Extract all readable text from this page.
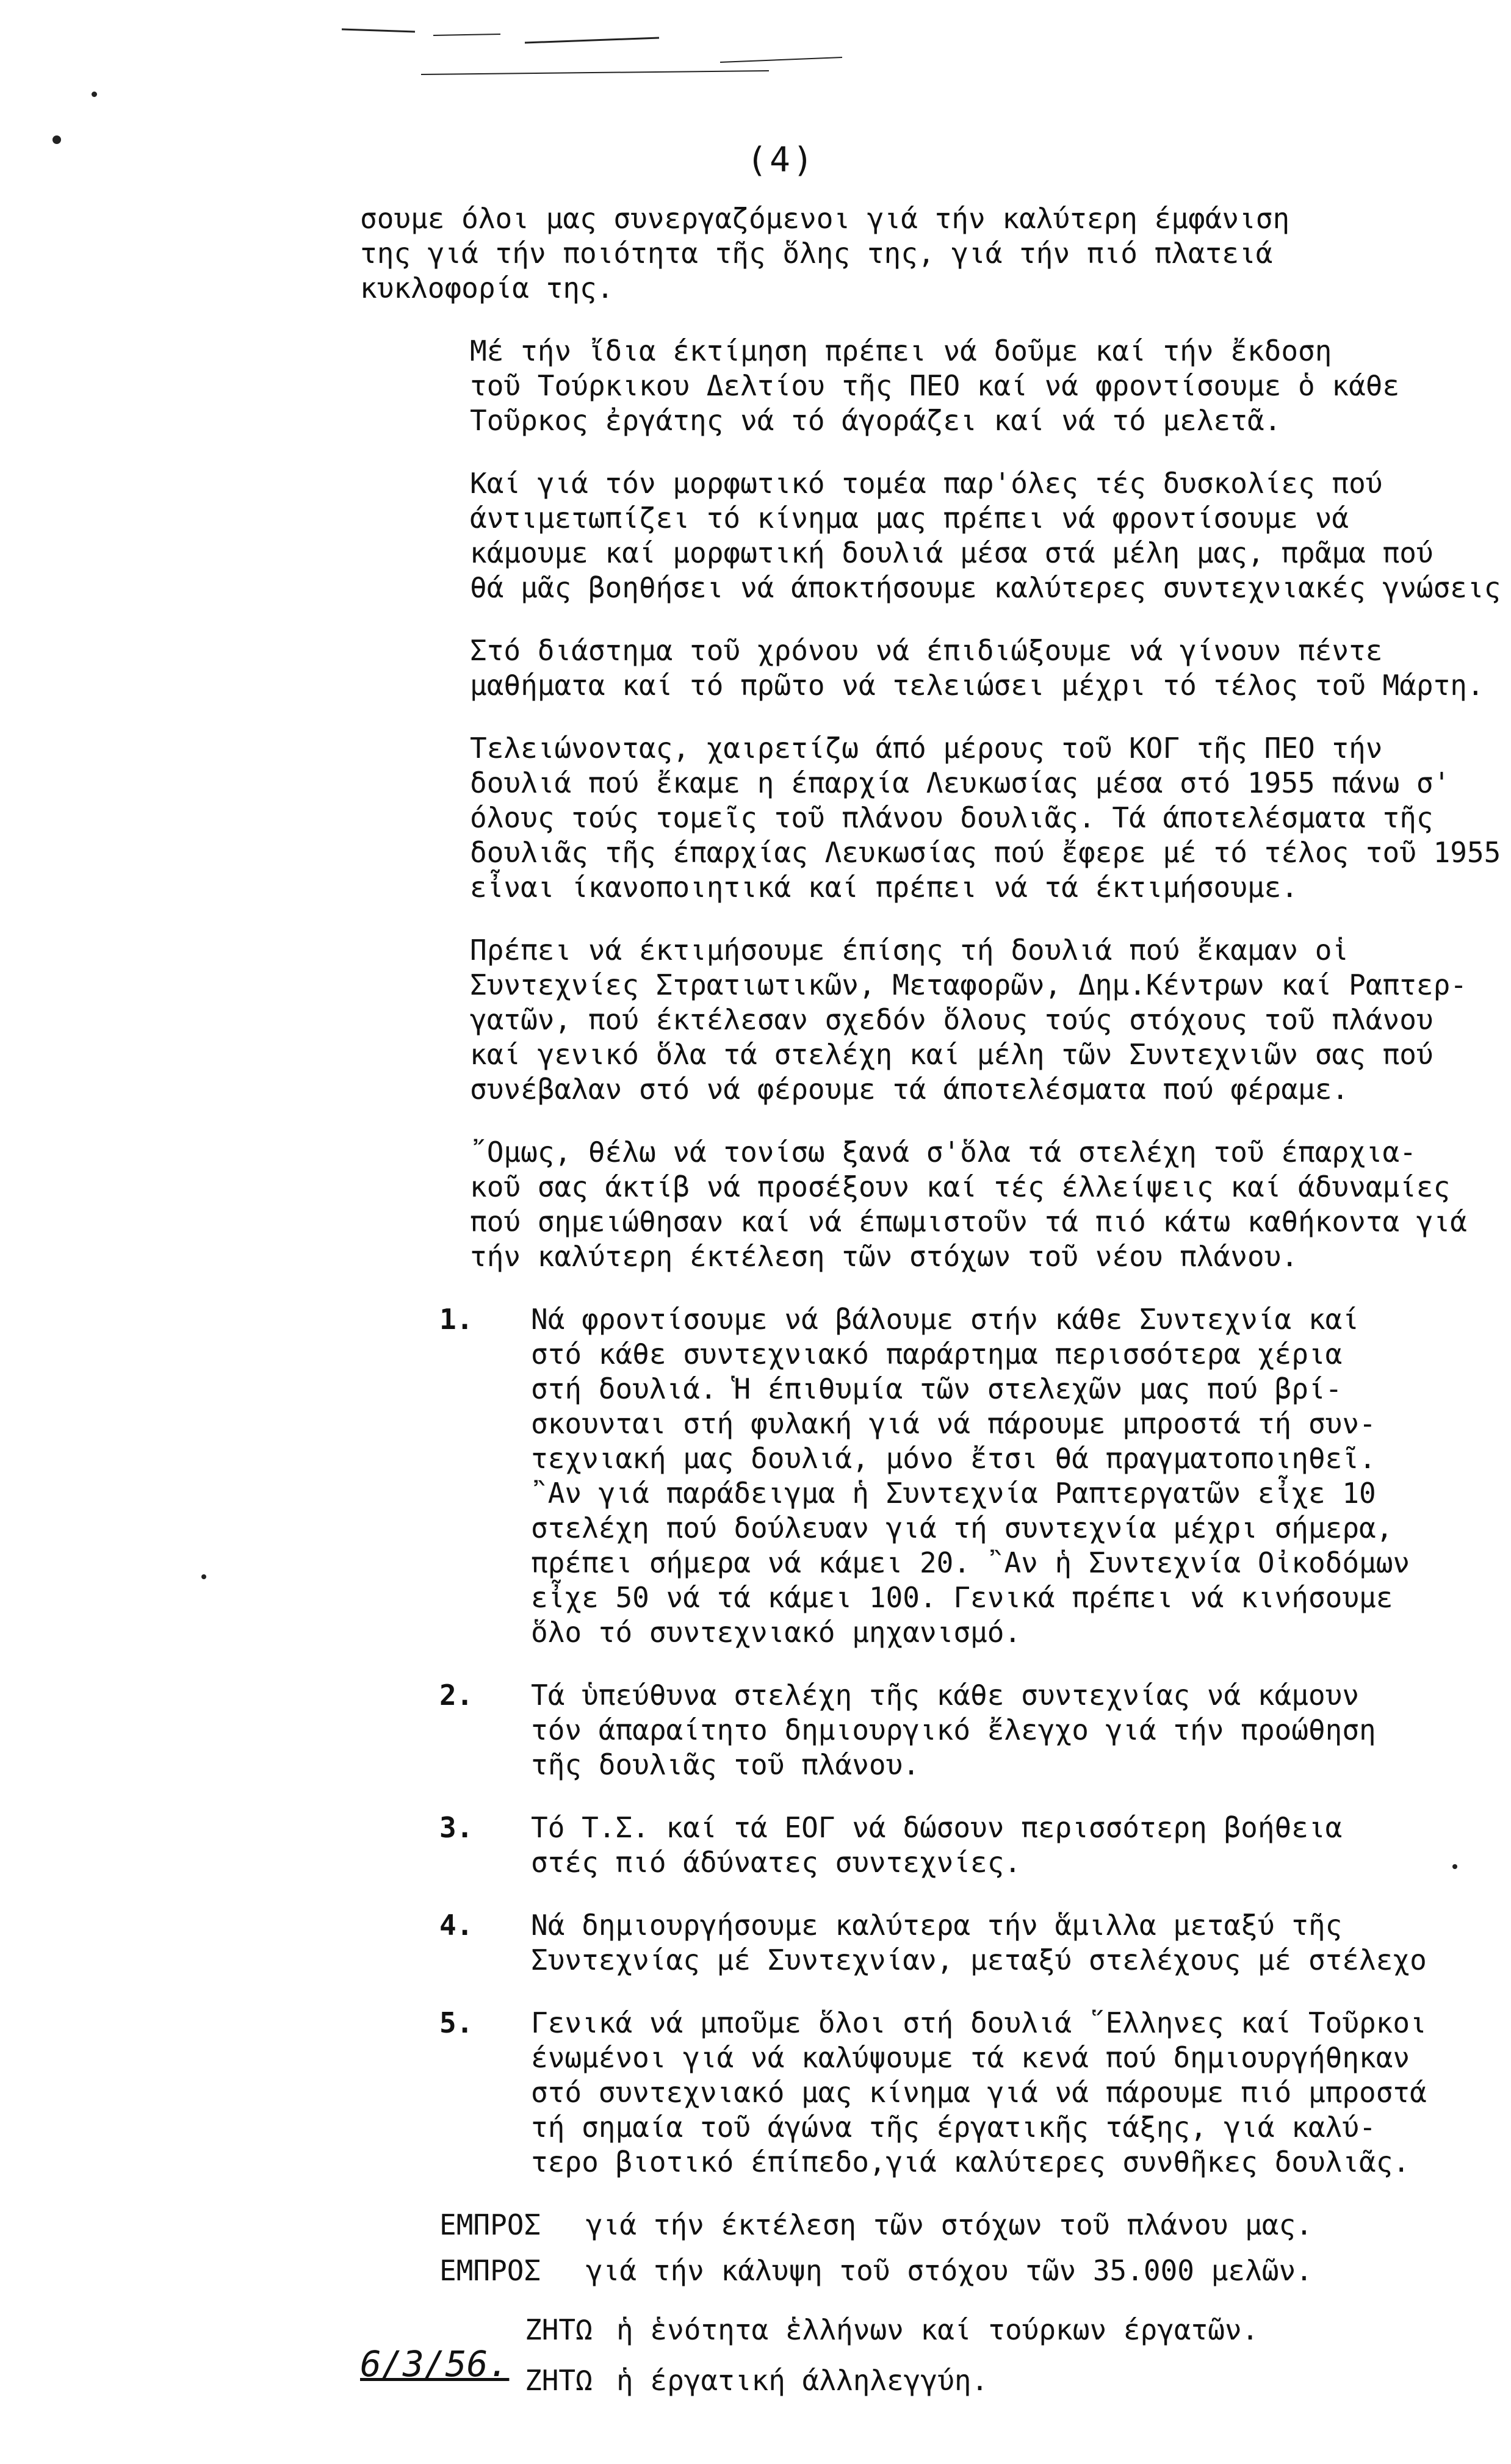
(4)
σουμε όλοι μας συνεργαζόμενοι γιά τήν καλύτερη έμφάνιση
της γιά τήν ποιότητα τῆς ὅλης της, γιά τήν πιό πλατειά
κυκλοφορία της.
Μέ τήν ἴδια έκτίμηση πρέπει νά δοῦμε καί τήν ἔκδοση
τοῦ Τούρκικου Δελτίου τῆς ΠΕΟ καί νά φροντίσουμε ὁ κάθε
Τοῦρκος ἐργάτης νά τό άγοράζει καί νά τό μελετᾶ.
Καί γιά τόν μορφωτικό τομέα παρ'όλες τές δυσκολίες πού
άντιμετωπίζει τό κίνημα μας πρέπει νά φροντίσουμε νά
κάμουμε καί μορφωτική δουλιά μέσα στά μέλη μας, πρᾶμα πού
θά μᾶς βοηθήσει νά άποκτήσουμε καλύτερες συντεχνιακές γνώσεις
Στό διάστημα τοῦ χρόνου νά έπιδιώξουμε νά γίνουν πέντε
μαθήματα καί τό πρῶτο νά τελειώσει μέχρι τό τέλος τοῦ Μάρτη.
Τελειώνοντας, χαιρετίζω άπό μέρους τοῦ ΚΟΓ τῆς ΠΕΟ τήν
δουλιά πού ἔκαμε η έπαρχία Λευκωσίας μέσα στό 1955 πάνω σ'
όλους τούς τομεῖς τοῦ πλάνου δουλιᾶς. Τά άποτελέσματα τῆς
δουλιᾶς τῆς έπαρχίας Λευκωσίας πού ἔφερε μέ τό τέλος τοῦ 1955
εἶναι ίκανοποιητικά καί πρέπει νά τά έκτιμήσουμε.
Πρέπει νά έκτιμήσουμε έπίσης τή δουλιά πού ἔκαμαν οἱ
Συντεχνίες Στρατιωτικῶν, Μεταφορῶν, Δημ.Κέντρων καί Ραπτερ-
γατῶν, πού έκτέλεσαν σχεδόν ὅλους τούς στόχους τοῦ πλάνου
καί γενικό ὅλα τά στελέχη καί μέλη τῶν Συντεχνιῶν σας πού
συνέβαλαν στό νά φέρουμε τά άποτελέσματα πού φέραμε.
῎Ομως, θέλω νά τονίσω ξανά σ'ὅλα τά στελέχη τοῦ έπαρχια-
κοῦ σας άκτίβ νά προσέξουν καί τές έλλείψεις καί άδυναμίες
πού σημειώθησαν καί νά έπωμιστοῦν τά πιό κάτω καθήκοντα γιά
τήν καλύτερη έκτέλεση τῶν στόχων τοῦ νέου πλάνου.
1.	Νά φροντίσουμε νά βάλουμε στήν κάθε Συντεχνία καί
στό κάθε συντεχνιακό παράρτημα περισσότερα χέρια
στή δουλιά. Ἡ έπιθυμία τῶν στελεχῶν μας πού βρί-
σκουνται στή φυλακή γιά νά πάρουμε μπροστά τή συν-
τεχνιακή μας δουλιά, μόνο ἔτσι θά πραγματοποιηθεῖ.
῍Αν γιά παράδειγμα ἡ Συντεχνία Ραπτεργατῶν εἶχε 10
στελέχη πού δούλευαν γιά τή συντεχνία μέχρι σήμερα,
πρέπει σήμερα νά κάμει 20. ῍Αν ἡ Συντεχνία Οἰκοδόμων
εἶχε 50 νά τά κάμει 100. Γενικά πρέπει νά κινήσουμε
ὅλο τό συντεχνιακό μηχανισμό.
2.	Τά ὑπεύθυνα στελέχη τῆς κάθε συντεχνίας νά κάμουν
τόν άπαραίτητο δημιουργικό ἔλεγχο γιά τήν προώθηση
τῆς δουλιᾶς τοῦ πλάνου.
3.	Τό Τ.Σ. καί τά ΕΟΓ νά δώσουν περισσότερη βοήθεια
στές πιό άδύνατες συντεχνίες.
4.	Νά δημιουργήσουμε καλύτερα τήν ἅμιλλα μεταξύ τῆς
Συντεχνίας μέ Συντεχνίαν, μεταξύ στελέχους μέ στέλεχο
5.	Γενικά νά μποῦμε ὅλοι στή δουλιά ῞Ελληνες καί Τοῦρκοι
ένωμένοι γιά νά καλύψουμε τά κενά πού δημιουργήθηκαν
στό συντεχνιακό μας κίνημα γιά νά πάρουμε πιό μπροστά
τή σημαία τοῦ άγώνα τῆς έργατικῆς τάξης, γιά καλύ-
τερο βιοτικό έπίπεδο,γιά καλύτερες συνθῆκες δουλιᾶς.
ΕΜΠΡΟΣ γιά τήν έκτέλεση τῶν στόχων τοῦ πλάνου μας.
ΕΜΠΡΟΣ γιά τήν κάλυψη τοῦ στόχου τῶν 35.000 μελῶν.
ΖΗΤΩ ἡ ἑνότητα ἑλλήνων καί τούρκων έργατῶν.
ΖΗΤΩ ἡ έργατική άλληλεγγύη.
6/3/56.
